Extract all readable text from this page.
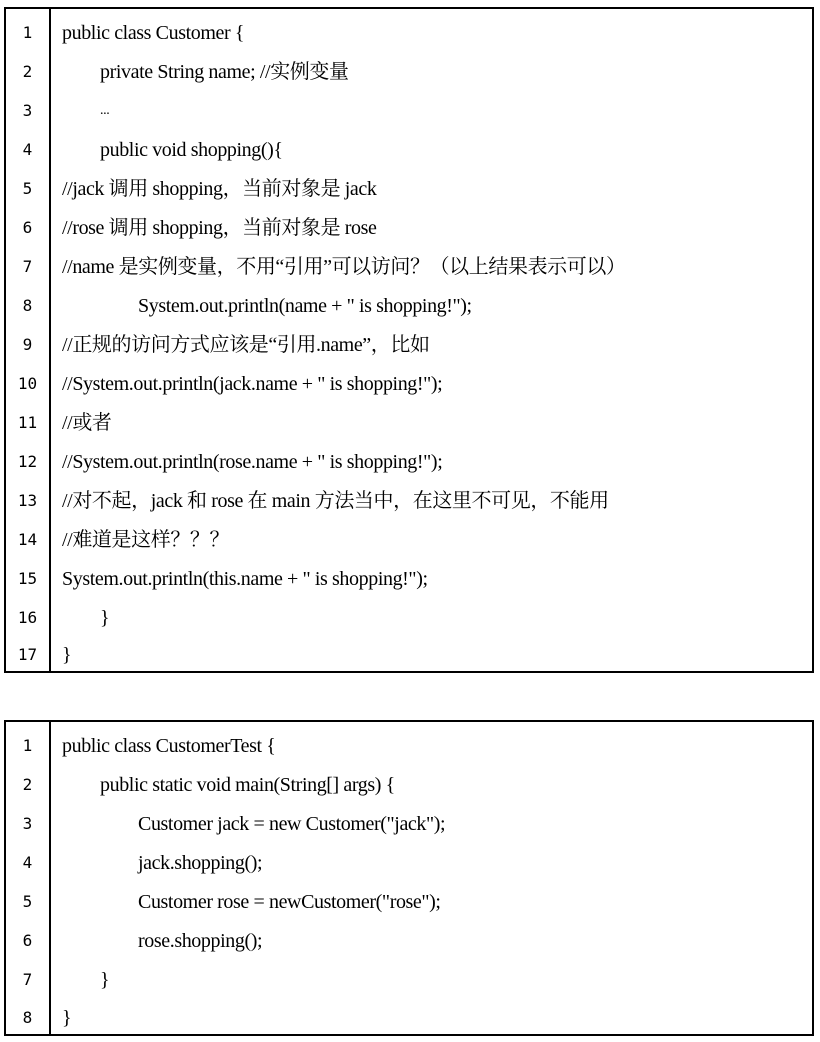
1	public class Customer {
2	private String name; //实例变量
3	...
4	public void shopping(){
5	//jack 调用 shopping，当前对象是 jack
6	//rose 调用 shopping，当前对象是 rose
7	//name 是实例变量，不用“引用”可以访问？（以上结果表示可以）
8	System.out.println(name + " is shopping!");
9	//正规的访问方式应该是“引用.name”，比如
10	//System.out.println(jack.name + " is shopping!");
11	//或者
12	//System.out.println(rose.name + " is shopping!");
13	//对不起，jack 和 rose 在 main 方法当中，在这里不可见，不能用
14	//难道是这样？？？
15	System.out.println(this.name + " is shopping!");
16	}
17	}
1	public class CustomerTest {
2	public static void main(String[] args) {
3	Customer jack = new Customer("jack");
4	jack.shopping();
5	Customer rose = newCustomer("rose");
6	rose.shopping();
7	}
8	}
